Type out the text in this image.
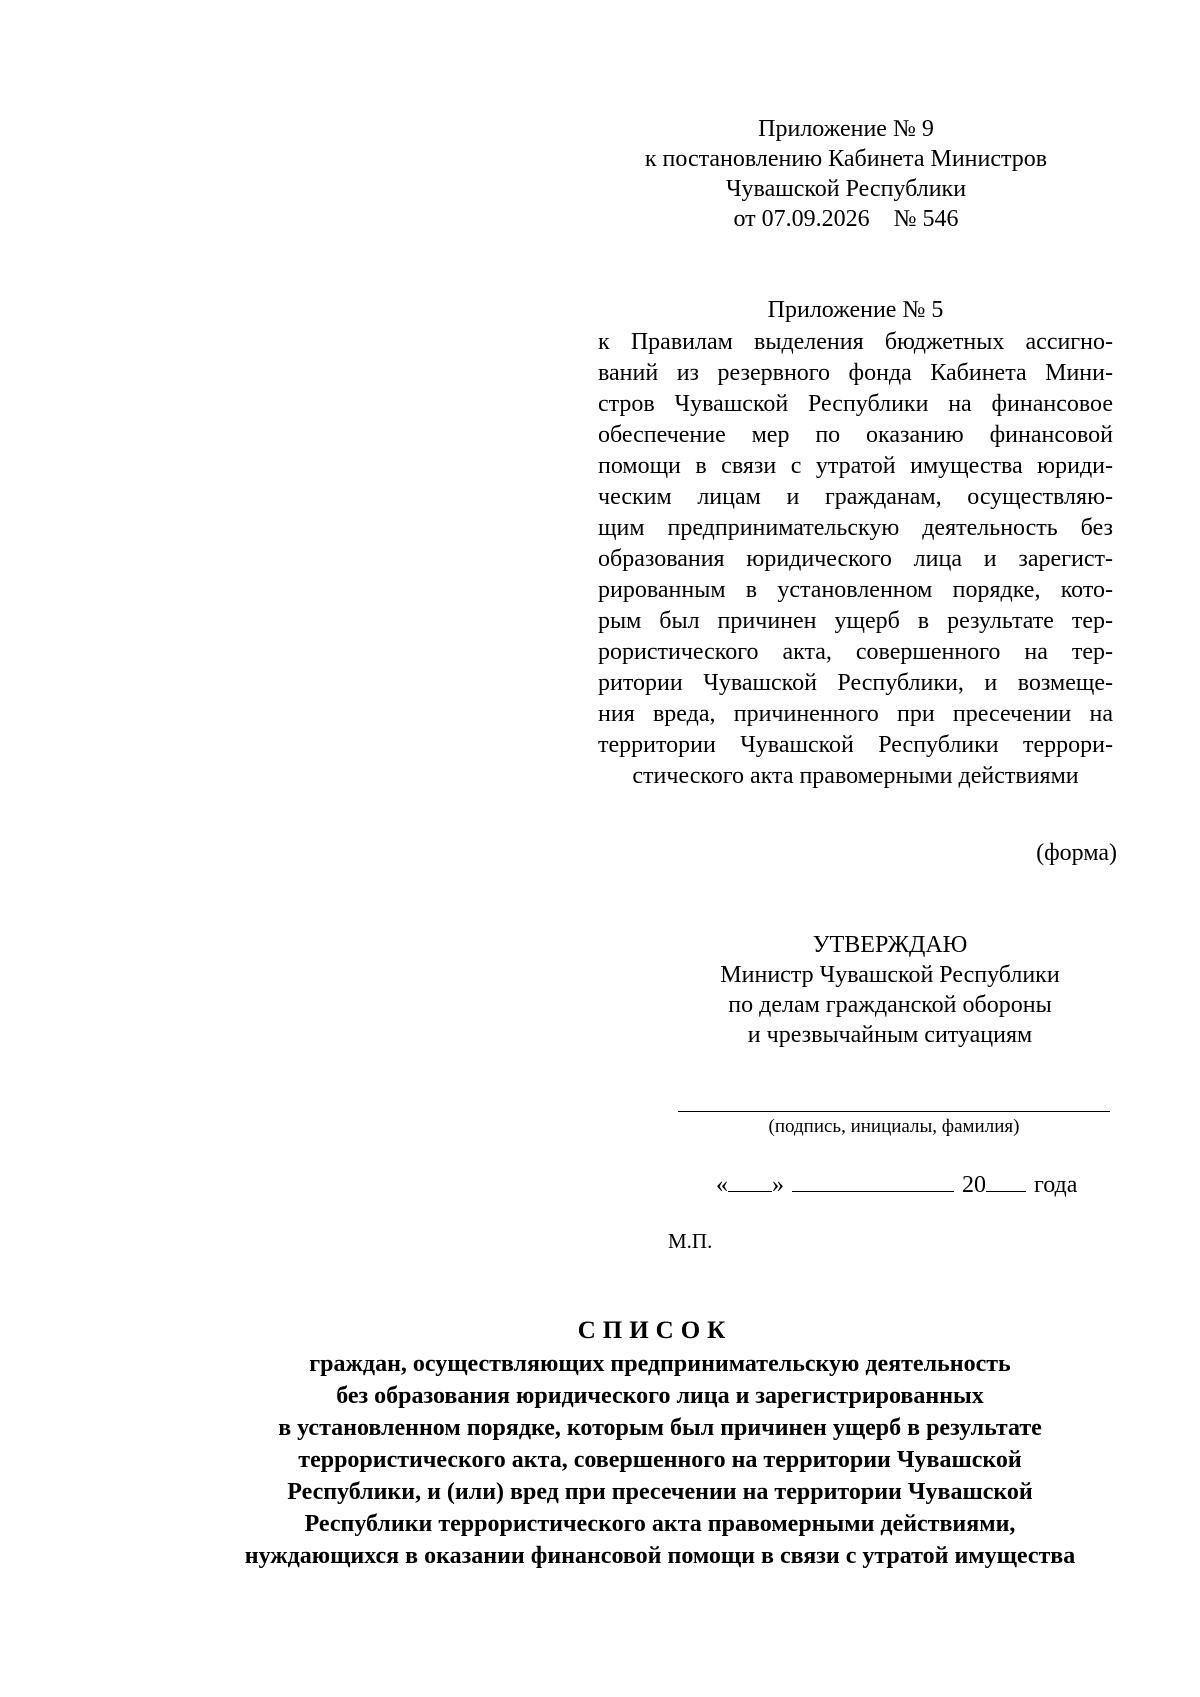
Приложение № 9
к постановлению Кабинета Министров
Чувашской Республики
от 07.09.2026    № 546
Приложение № 5
к Правилам выделения бюджетных ассигно-
ваний из резервного фонда Кабинета Мини-
стров Чувашской Республики на финансовое
обеспечение мер по оказанию финансовой
помощи в связи с утратой имущества юриди-
ческим лицам и гражданам, осуществляю-
щим предпринимательскую деятельность без
образования юридического лица и зарегист-
рированным в установленном порядке, кото-
рым был причинен ущерб в результате тер-
рористического акта, совершенного на тер-
ритории Чувашской Республики, и возмеще-
ния вреда, причиненного при пресечении на
территории Чувашской Республики террори-
стического акта правомерными действиями
(форма)
УТВЕРЖДАЮ
Министр Чувашской Республики
по делам гражданской обороны
и чрезвычайным ситуациям
(подпись, инициалы, фамилия)
« »	20 года
М.П.
СПИСОК
граждан, осуществляющих предпринимательскую деятельность
без образования юридического лица и зарегистрированных
в установленном порядке, которым был причинен ущерб в результате
террористического акта, совершенного на территории Чувашской
Республики, и (или) вред при пресечении на территории Чувашской
Республики террористического акта правомерными действиями,
нуждающихся в оказании финансовой помощи в связи с утратой имущества
